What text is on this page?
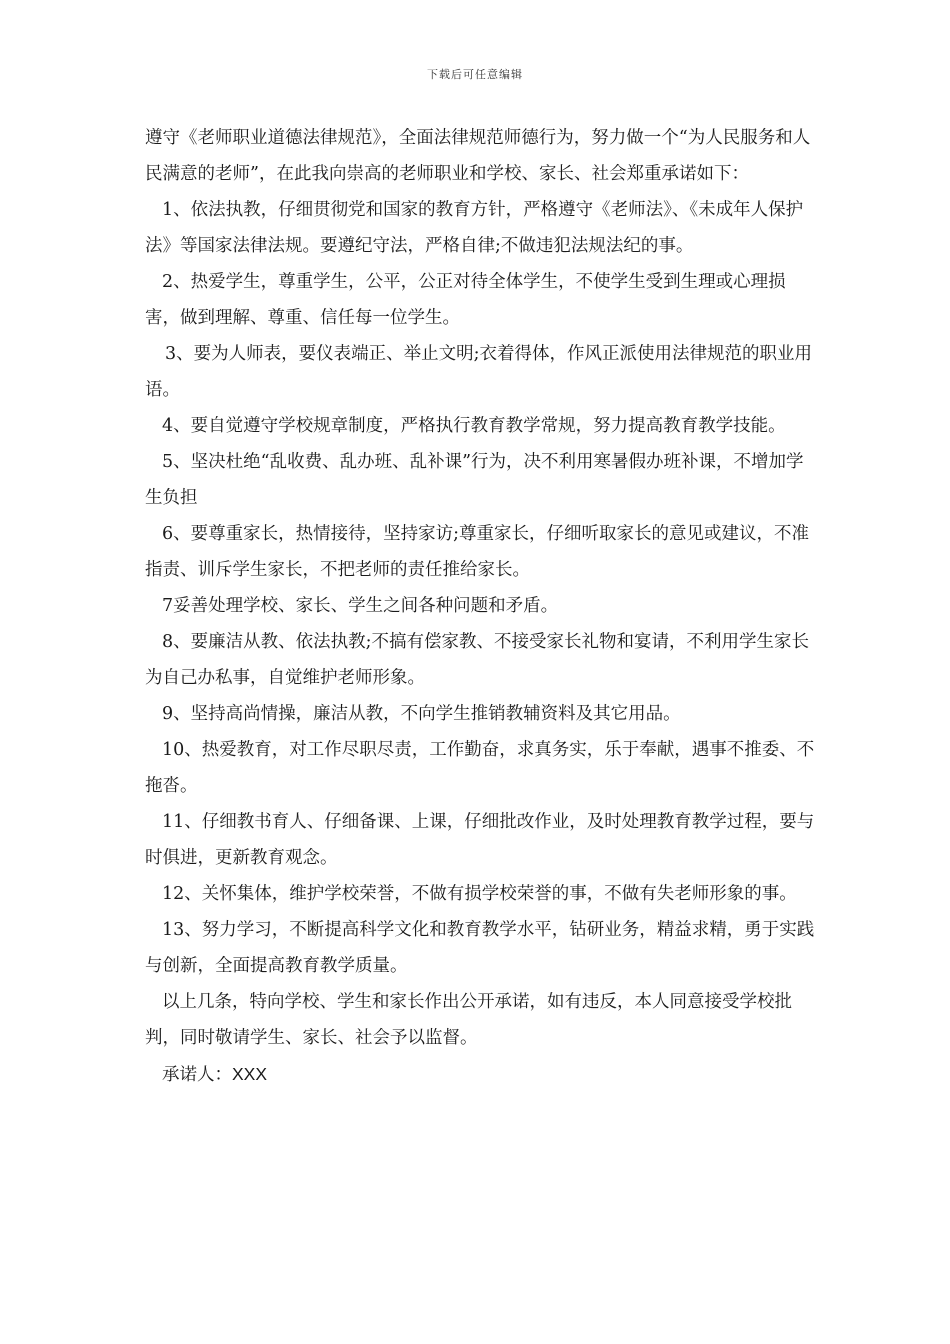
下载后可任意编辑

遵守《老师职业道德法律规范》，全面法律规范师德行为，努力做一个“为人民服务和人民满意的老师”，在此我向崇高的老师职业和学校、家长、社会郑重承诺如下：

1、依法执教，仔细贯彻党和国家的教育方针，严格遵守《老师法》、《未成年人保护法》等国家法律法规。要遵纪守法，严格自律;不做违犯法规法纪的事。

2、热爱学生，尊重学生，公平，公正对待全体学生，不使学生受到生理或心理损害，做到理解、尊重、信任每一位学生。

3、要为人师表，要仪表端正、举止文明;衣着得体，作风正派使用法律规范的职业用语。

4、要自觉遵守学校规章制度，严格执行教育教学常规，努力提高教育教学技能。

5、坚决杜绝“乱收费、乱办班、乱补课”行为，决不利用寒暑假办班补课，不增加学生负担

6、要尊重家长，热情接待，坚持家访;尊重家长，仔细听取家长的意见或建议，不准指责、训斥学生家长，不把老师的责任推给家长。

7妥善处理学校、家长、学生之间各种问题和矛盾。

8、要廉洁从教、依法执教;不搞有偿家教、不接受家长礼物和宴请，不利用学生家长为自己办私事，自觉维护老师形象。

9、坚持高尚情操，廉洁从教，不向学生推销教辅资料及其它用品。

10、热爱教育，对工作尽职尽责，工作勤奋，求真务实，乐于奉献，遇事不推委、不拖沓。

11、仔细教书育人、仔细备课、上课，仔细批改作业，及时处理教育教学过程，要与时俱进，更新教育观念。

12、关怀集体，维护学校荣誉，不做有损学校荣誉的事，不做有失老师形象的事。

13、努力学习，不断提高科学文化和教育教学水平，钻研业务，精益求精，勇于实践与创新，全面提高教育教学质量。

以上几条，特向学校、学生和家长作出公开承诺，如有违反，本人同意接受学校批判，同时敬请学生、家长、社会予以监督。

承诺人：XXX
